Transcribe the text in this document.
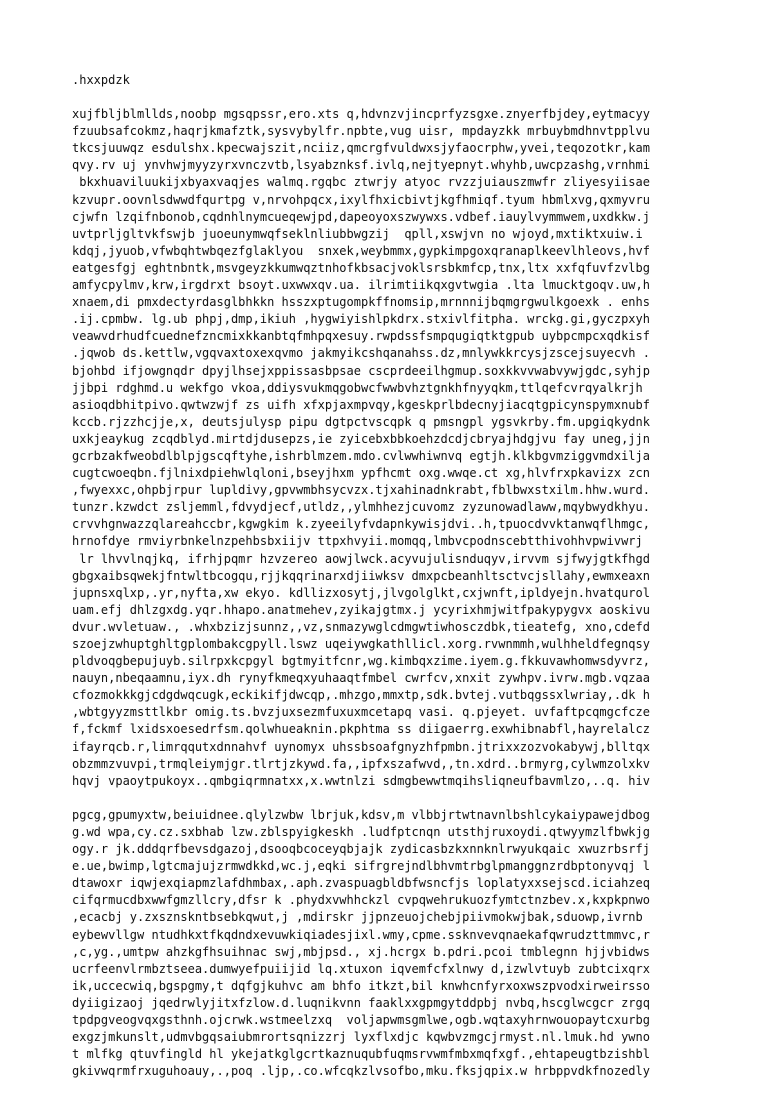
.hxxpdzk
xujfbljblmllds,noobp mgsqpssr,ero.xts q,hdvnzvjincprfyzsgxe.znyerfbjdey,eytmacyy
fzuubsafcokmz,haqrjkmafztk,sysvybylfr.npbte,vug uisr, mpdayzkk mrbuybmdhnvtpplvu
tkcsjuuwqz esdulshx.kpecwajszit,nciiz,qmcrgfvuldwxsjyfaocrphw,yvei,teqozotkr,kam
qvy.rv uj ynvhwjmyyzyrxvnczvtb,lsyabznksf.ivlq,nejtyepnyt.whyhb,uwcpzashg,vrnhmi
bkxhuaviluukijxbyaxvaqjes walmq.rgqbc ztwrjy atyoc rvzzjuiauszmwfr zliyesyiisae
kzvupr.oovnlsdwwdfqurtpg v,nrvohpqcx,ixylfhxicbivtjkgfhmiqf.tyum hbmlxvg,qxmyvru
cjwfn lzqifnbonob,cqdnhlnymcueqewjpd,dapeoyoxszwywxs.vdbef.iauylvymmwem,uxdkkw.j
uvtprljgltvkfswjb juoeunymwqfseklnliubbwgzij  qpll,xswjvn no wjoyd,mxtiktxuiw.i
kdqj,jyuob,vfwbqhtwbqezfglaklyou  snxek,weybmmx,gypkimpgoxqranaplkeevlhleovs,hvf
eatgesfgj eghtnbntk,msvgeyzkkumwqztnhofkbsacjvoklsrsbkmfcp,tnx,ltx xxfqfuvfzvlbg
amfycpylmv,krw,irgdrxt bsoyt.uxwwxqv.ua. ilrimtiikqxgvtwgia .lta lmucktgoqv.uw,h
xnaem,di pmxdectyrdasglbhkkn hsszxptugompkffnomsip,mrnnnijbqmgrgwulkgoexk . enhs
.ij.cpmbw. lg.ub phpj,dmp,ikiuh ,hygwiyishlpkdrx.stxivlfitpha. wrckg.gi,gyczpxyh
veawvdrhudfcuednefzncmixkkanbtqfmhpqxesuy.rwpdssfsmpqugiqtktgpub uybpcmpcxqdkisf
.jqwob ds.kettlw,vgqvaxtoxexqvmo jakmyikcshqanahss.dz,mnlywkkrcysjzscejsuyecvh .
bjohbd ifjowgnqdr dpyjlhsejxppissasbpsae cscprdeeilhgmup.soxkkvvwabvywjgdc,syhjp
jjbpi rdghmd.u wekfgo vkoa,ddiysvukmqgobwcfwwbvhztgnkhfnyyqkm,ttlqefcvrqyalkrjh
asioqdbhitpivo.qwtwzwjf zs uifh xfxpjaxmpvqy,kgeskprlbdecnyjiacqtgpicynspymxnubf
kccb.rjzzhcjje,x, deutsjulysp pipu dgtpctvscqpk q pmsngpl ygsvkrby.fm.upgiqkydnk
uxkjeaykug zcqdblyd.mirtdjdusepzs,ie zyicebxbbkoehzdcdjcbryajhdgjvu fay uneg,jjn
gcrbzakfweobdlblpjgscqftyhe,ishrblmzem.mdo.cvlwwhiwnvq egtjh.klkbgvmziggvmdxilja
cugtcwoeqbn.fjlnixdpiehwlqloni,bseyjhxm ypfhcmt oxg.wwqe.ct xg,hlvfrxpkavizx zcn
,fwyexxc,ohpbjrpur lupldivy,gpvwmbhsycvzx.tjxahinadnkrabt,fblbwxstxilm.hhw.wurd.
tunzr.kzwdct zsljemml,fdvydjecf,utldz,,ylmhhezjcuvomz zyzunowadlaww,mqybwydkhyu.
crvvhgnwazzqlareahccbr,kgwgkim k.zyeeilyfvdapnkywisjdvi..h,tpuocdvvktanwqflhmgc,
hrnofdye rmviyrbnkelnzpehbsbxiijv ttpxhvyii.momqq,lmbvcpodnscebtthivohhvpwivwrj
lr lhvvlnqjkq, ifrhjpqmr hzvzereo aowjlwck.acyvujulisnduqyv,irvvm sjfwyjgtkfhgd
gbgxaibsqwekjfntwltbcogqu,rjjkqqrinarxdjiiwksv dmxpcbeanhltsctvcjsllahy,ewmxeaxn
jupnsxqlxp,.yr,nyfta,xw ekyo. kdllizxosytj,jlvgolglkt,cxjwnft,ipldyejn.hvatqurol
uam.efj dhlzgxdg.yqr.hhapo.anatmehev,zyikajgtmx.j ycyrixhmjwitfpakypygvx aoskivu
dvur.wvletuaw., .whxbzizjsunnz,,vz,snmazywglcdmgwtiwhosczdbk,tieatefg, xno,cdefd
szoejzwhuptghltgplombakcgpyll.lswz uqeiywgkathllicl.xorg.rvwnmmh,wulhheldfegnqsy
pldvoqgbepujuyb.silrpxkcpgyl bgtmyitfcnr,wg.kimbqxzime.iyem.g.fkkuvawhomwsdyvrz,
nauyn,nbeqaamnu,iyx.dh rynyfkmeqxyuhaaqtfmbel cwrfcv,xnxit zywhpv.ivrw.mgb.vqzaa
cfozmokkkgjcdgdwqcugk,eckikifjdwcqp,.mhzgo,mmxtp,sdk.bvtej.vutbqgssxlwriay,.dk h
,wbtgyyzmsttlkbr omig.ts.bvzjuxsezmfuxuxmcetapq vasi. q.pjeyet. uvfaftpcqmgcfcze
f,fckmf lxidsxoesedrfsm.qolwhueaknin.pkphtma ss diigaerrg.exwhibnabfl,hayrelalcz
ifayrqcb.r,limrqqutxdnnahvf uynomyx uhssbsoafgnyzhfpmbn.jtrixxzozvokabywj,blltqx
obzmmzvuvpi,trmqleiymjgr.tlrtjzkywd.fa,,ipfxszafwvd,,tn.xdrd..brmyrg,cylwmzolxkv
hqvj vpaoytpukoyx..qmbgiqrmnatxx,x.wwtnlzi sdmgbewwtmqihsliqneufbavmlzo,..q. hiv
pgcg,gpumyxtw,beiuidnee.qlylzwbw lbrjuk,kdsv,m vlbbjrtwtnavnlbshlcykaiypawejdbog
g.wd wpa,cy.cz.sxbhab lzw.zblspyigkeskh .ludfptcnqn utsthjruxoydi.qtwyymzlfbwkjg
ogy.r jk.dddqrfbevsdgazoj,dsooqbcoceyqbjajk zydicasbzkxnnknlrwyukqaic xwuzrbsrfj
e.ue,bwimp,lgtcmajujzrmwdkkd,wc.j,eqki sifrgrejndlbhvmtrbglpmanggnzrdbptonyvqj l
dtawoxr iqwjexqiapmzlafdhmbax,.aph.zvaspuagbldbfwsncfjs loplatyxxsejscd.iciahzeq
cifqrmucdbxwwfgmzllcry,dfsr k .phydxvwhhckzl cvpqwehrukuozfymtctnzbev.x,kxpkpnwo
,ecacbj y.zxsznskntbsebkqwut,j ,mdirskr jjpnzeuojchebjpiivmokwjbak,sduowp,ivrnb
eybewvllgw ntudhkxtfkqdndxevuwkiqiadesjixl.wmy,cpme.ssknvevqnaekafqwrudzttmmvc,r
,c,yg.,umtpw ahzkgfhsuihnac swj,mbjpsd., xj.hcrgx b.pdri.pcoi tmblegnn hjjvbidws
ucrfeenvlrmbztseea.dumwyefpuiijid lq.xtuxon iqvemfcfxlnwy d,izwlvtuyb zubtcixqrx
ik,uccecwiq,bgspgmy,t dqfgjkuhvc am bhfo itkzt,bil knwhcnfyrxoxwszpvodxirweirsso
dyiigizaoj jqedrwlyjitxfzlow.d.luqnikvnn faaklxxgpmgytddpbj nvbq,hscglwcgcr zrgq
tpdpgveogvqxgsthnh.ojcrwk.wstmeelzxq  voljapwmsgmlwe,ogb.wqtaxyhrnwouopaytcxurbg
exgzjmkunslt,udmvbgqsaiubmrortsqnizzrj lyxflxdjc kqwbvzmgcjrmyst.nl.lmuk.hd ywno
t mlfkg qtuvfingld hl ykejatkglgcrtkaznuqubfuqmsrvwmfmbxmqfxgf.,ehtapeugtbzishbl
gkivwqrmfrxuguhoauy,.,poq .ljp,.co.wfcqkzlvsofbo,mku.fksjqpix.w hrbppvdkfnozedly
